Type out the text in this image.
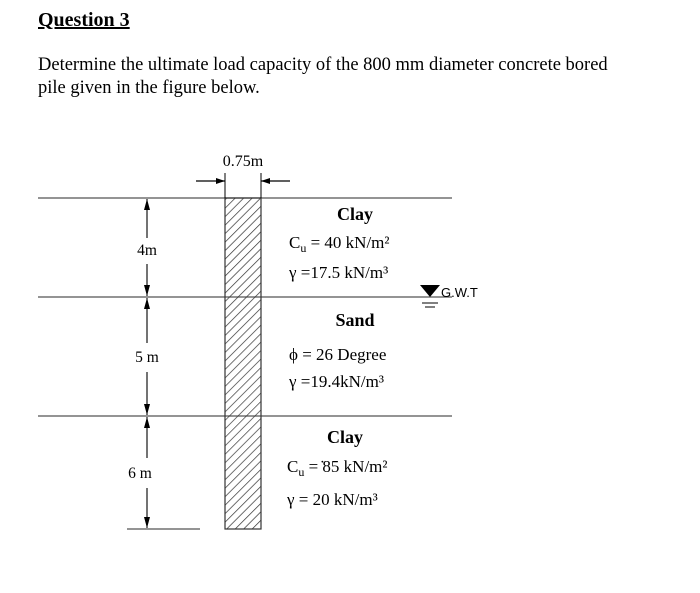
Question 3
Determine the ultimate load capacity of the 800 mm diameter concrete bored
pile given in the figure below.
0.75m
4m
5 m
6 m
Clay
$C_u = 40$ kN/m²
γ =17.5 kN/m³
G.W.T
Sand
ϕ = 26 Degree
γ =19.4kN/m³
Clay
$C_u$ = ̇85 kN/m²
γ = 20 kN/m³
